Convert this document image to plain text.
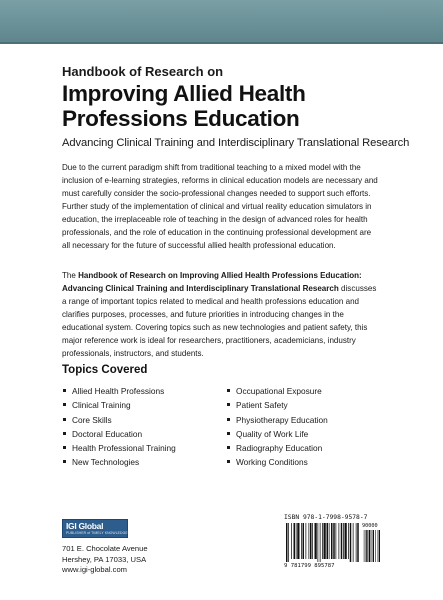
Handbook of Research on
Improving Allied Health
Professions Education
Advancing Clinical Training and Interdisciplinary Translational Research

Due to the current paradigm shift from traditional teaching to a mixed model with the inclusion of e-learning strategies, reforms in clinical education models are necessary and must carefully consider the socio-professional changes needed to support such efforts. Further study of the implementation of clinical and virtual reality education simulators in education, the irreplaceable role of teaching in the design of advanced roles for health professionals, and the role of education in the continuing professional development are all necessary for the future of successful allied health professional education.

The Handbook of Research on Improving Allied Health Professions Education: Advancing Clinical Training and Interdisciplinary Translational Research discusses a range of important topics related to medical and health professions education and clarifies purposes, processes, and future priorities in introducing changes in the educational system. Covering topics such as new technologies and patient safety, this major reference work is ideal for researchers, practitioners, academicians, industry professionals, instructors, and students.

Topics Covered
Allied Health Professions
Clinical Training
Core Skills
Doctoral Education
Health Professional Training
New Technologies
Occupational Exposure
Patient Safety
Physiotherapy Education
Quality of Work Life
Radiography Education
Working Conditions
IGI Global
PUBLISHER of TIMELY KNOWLEDGE
701 E. Chocolate Avenue
Hershey, PA 17033, USA
www.igi-global.com
ISBN 978-1-7998-9578-7
90000
9 781799 895787
